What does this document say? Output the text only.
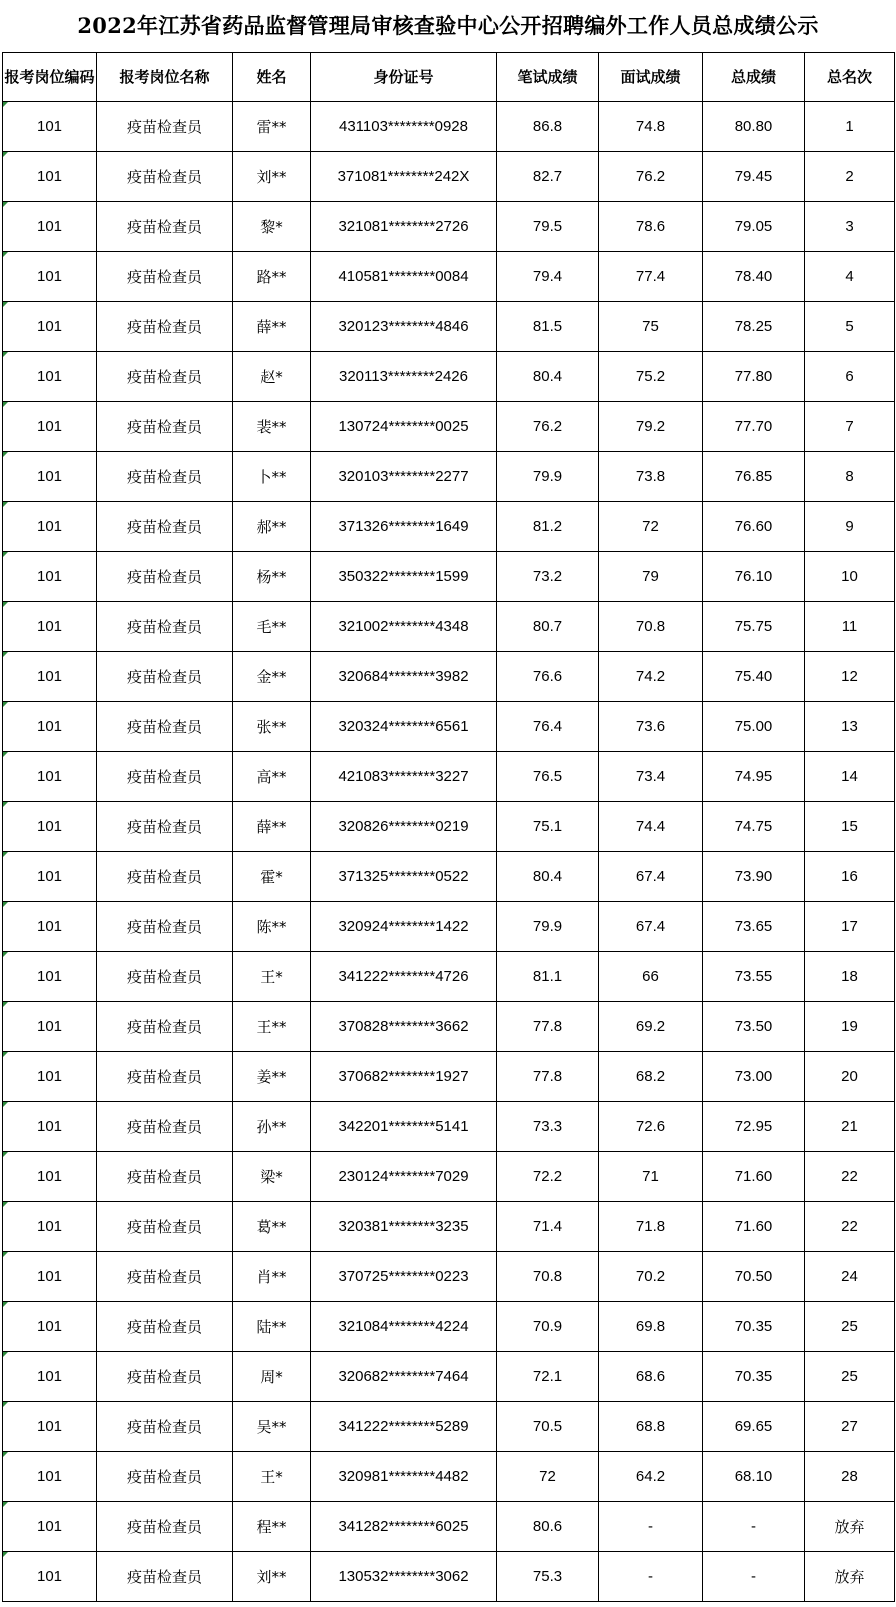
2022年江苏省药品监督管理局审核查验中心公开招聘编外工作人员总成绩公示
报考岗位编码	报考岗位名称	姓名	身份证号	笔试成绩	面试成绩	总成绩	总名次
101	疫苗检查员	雷**	431103********0928	86.8	74.8	80.80	1
101	疫苗检查员	刘**	371081********242X	82.7	76.2	79.45	2
101	疫苗检查员	黎*	321081********2726	79.5	78.6	79.05	3
101	疫苗检查员	路**	410581********0084	79.4	77.4	78.40	4
101	疫苗检查员	薛**	320123********4846	81.5	75	78.25	5
101	疫苗检查员	赵*	320113********2426	80.4	75.2	77.80	6
101	疫苗检查员	裴**	130724********0025	76.2	79.2	77.70	7
101	疫苗检查员	卜**	320103********2277	79.9	73.8	76.85	8
101	疫苗检查员	郝**	371326********1649	81.2	72	76.60	9
101	疫苗检查员	杨**	350322********1599	73.2	79	76.10	10
101	疫苗检查员	毛**	321002********4348	80.7	70.8	75.75	11
101	疫苗检查员	金**	320684********3982	76.6	74.2	75.40	12
101	疫苗检查员	张**	320324********6561	76.4	73.6	75.00	13
101	疫苗检查员	高**	421083********3227	76.5	73.4	74.95	14
101	疫苗检查员	薛**	320826********0219	75.1	74.4	74.75	15
101	疫苗检查员	霍*	371325********0522	80.4	67.4	73.90	16
101	疫苗检查员	陈**	320924********1422	79.9	67.4	73.65	17
101	疫苗检查员	王*	341222********4726	81.1	66	73.55	18
101	疫苗检查员	王**	370828********3662	77.8	69.2	73.50	19
101	疫苗检查员	姜**	370682********1927	77.8	68.2	73.00	20
101	疫苗检查员	孙**	342201********5141	73.3	72.6	72.95	21
101	疫苗检查员	梁*	230124********7029	72.2	71	71.60	22
101	疫苗检查员	葛**	320381********3235	71.4	71.8	71.60	22
101	疫苗检查员	肖**	370725********0223	70.8	70.2	70.50	24
101	疫苗检查员	陆**	321084********4224	70.9	69.8	70.35	25
101	疫苗检查员	周*	320682********7464	72.1	68.6	70.35	25
101	疫苗检查员	吴**	341222********5289	70.5	68.8	69.65	27
101	疫苗检查员	王*	320981********4482	72	64.2	68.10	28
101	疫苗检查员	程**	341282********6025	80.6	-	-	放弃
101	疫苗检查员	刘**	130532********3062	75.3	-	-	放弃
